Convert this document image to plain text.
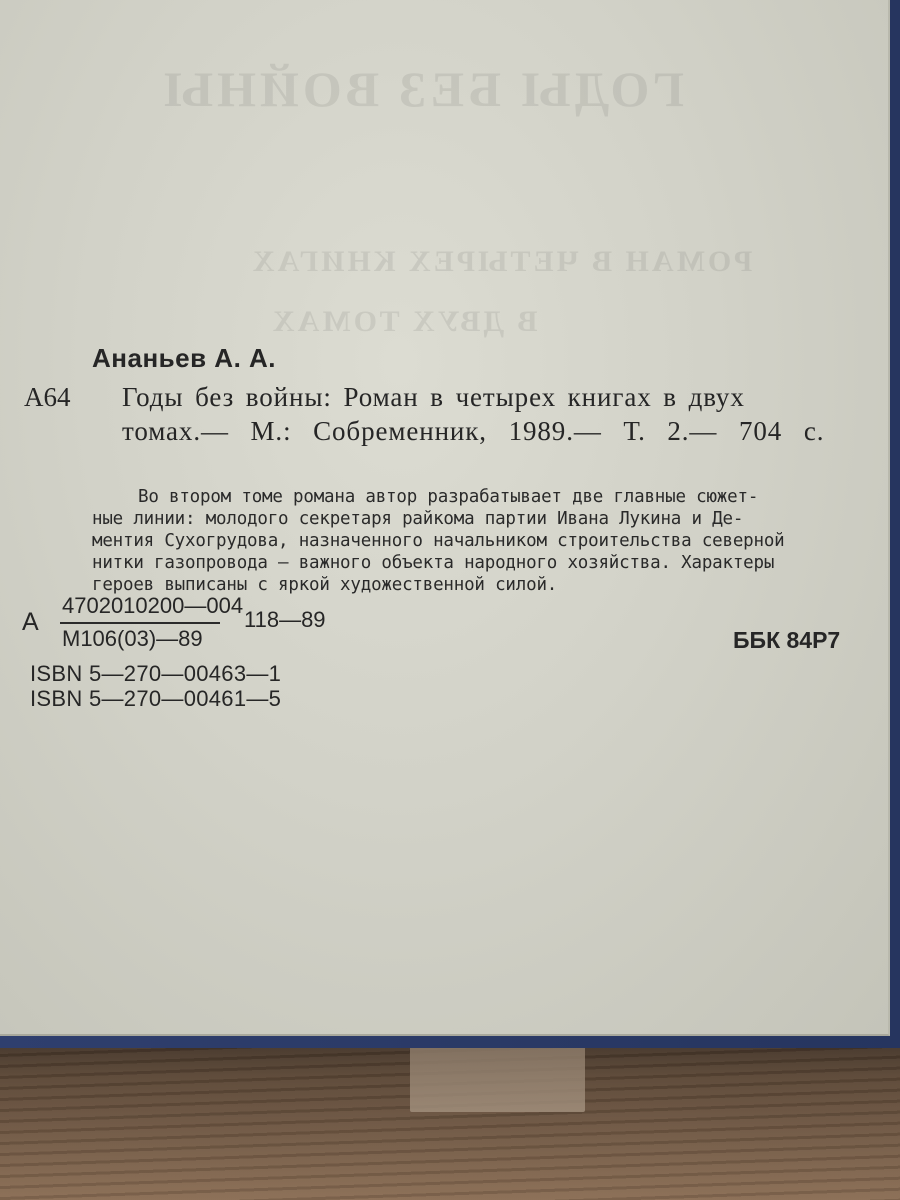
ГОДЫ БЕЗ ВОЙНЫ
РОМАН В ЧЕТЫРЕХ КНИГАХ
В ДВУХ ТОМАХ
Ананьев А. А.
А64 Годы без войны: Роман в четырех книгах в двух
томах.— М.: Собременник, 1989.— Т. 2.— 704 с.
Во втором томе романа автор разрабатывает две главные сюжет-
ные линии: молодого секретаря райкома партии Ивана Лукина и Де-
ментия Сухогрудова, назначенного начальником строительства северной
нитки газопровода — важного объекта народного хозяйства. Характеры
героев выписаны с яркой художественной силой.
А
4702010200—004
М106(03)—89
118—89
ББК 84Р7
ISBN 5—270—00463—1
ISBN 5—270—00461—5
